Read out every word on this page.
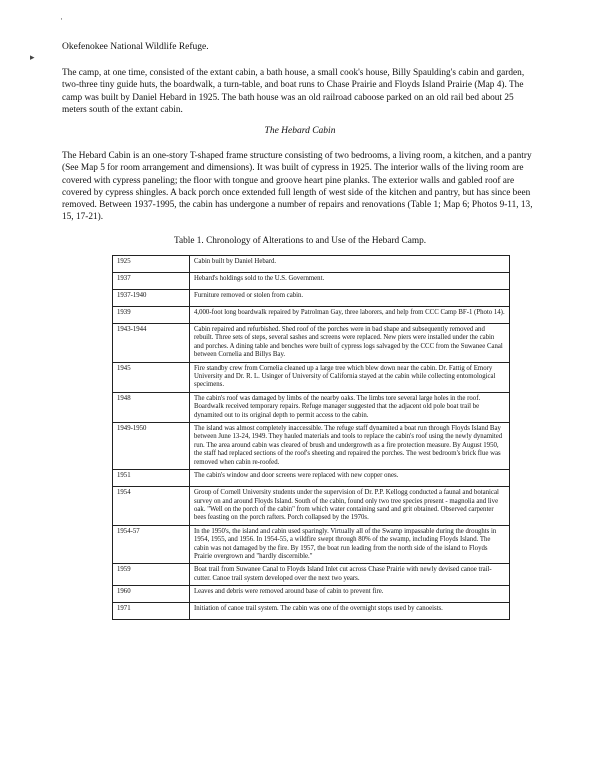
·
▸
Okefenokee National Wildlife Refuge.
The camp, at one time, consisted of the extant cabin, a bath house, a small cook's house, Billy Spaulding's cabin and garden, two-three tiny guide huts, the boardwalk, a turn-table, and boat runs to Chase Prairie and Floyds Island Prairie (Map 4). The camp was built by Daniel Hebard in 1925. The bath house was an old railroad caboose parked on an old rail bed about 25 meters south of the extant cabin.
The Hebard Cabin
The Hebard Cabin is an one-story T-shaped frame structure consisting of two bedrooms, a living room, a kitchen, and a pantry (See Map 5 for room arrangement and dimensions). It was built of cypress in 1925. The interior walls of the living room are covered with cypress paneling; the floor with tongue and groove heart pine planks. The exterior walls and gabled roof are covered by cypress shingles. A back porch once extended full length of west side of the kitchen and pantry, but has since been removed. Between 1937-1995, the cabin has undergone a number of repairs and renovations (Table 1; Map 6; Photos 9-11, 13, 15, 17-21).
Table 1. Chronology of Alterations to and Use of the Hebard Camp.
1925	Cabin built by Daniel Hebard.
1937	Hebard's holdings sold to the U.S. Government.
1937-1940	Furniture removed or stolen from cabin.
1939	4,000-foot long boardwalk repaired by Patrolman Gay, three laborers, and help from CCC Camp BF-1 (Photo 14).
1943-1944	Cabin repaired and refurbished. Shed roof of the porches were in bad shape and subsequently removed and rebuilt. Three sets of steps, several sashes and screens were replaced. New piers were installed under the cabin and porches. A dining table and benches were built of cypress logs salvaged by the CCC from the Suwanee Canal between Cornelia and Billys Bay.
1945	Fire standby crew from Cornelia cleaned up a large tree which blew down near the cabin. Dr. Fattig of Emory University and Dr. R. L. Usinger of University of California stayed at the cabin while collecting entomological specimens.
1948	The cabin's roof was damaged by limbs of the nearby oaks. The limbs tore several large holes in the roof. Boardwalk received temporary repairs. Refuge manager suggested that the adjacent old pole boat trail be dynamited out to its original depth to permit access to the cabin.
1949-1950	The island was almost completely inaccessible. The refuge staff dynamited a boat run through Floyds Island Bay between June 13-24, 1949. They hauled materials and tools to replace the cabin's roof using the newly dynamited run. The area around cabin was cleared of brush and undergrowth as a fire protection measure. By August 1950, the staff had replaced sections of the roof's sheeting and repaired the porches. The west bedroom's brick flue was removed when cabin re-roofed.
1951	The cabin's window and door screens were replaced with new copper ones.
1954	Group of Cornell University students under the supervision of Dr. P.P. Kellogg conducted a faunal and botanical survey on and around Floyds Island. South of the cabin, found only two tree species present - magnolia and live oak. "Well on the porch of the cabin" from which water containing sand and grit obtained. Observed carpenter bees feasting on the porch rafters. Porch collapsed by the 1970s.
1954-57	In the 1950's, the island and cabin used sparingly. Virtually all of the Swamp impassable during the droughts in 1954, 1955, and 1956. In 1954-55, a wildfire swept through 80% of the swamp, including Floyds Island. The cabin was not damaged by the fire. By 1957, the boat run leading from the north side of the island to Floyds Prairie overgrown and "hardly discernible."
1959	Boat trail from Suwanee Canal to Floyds Island Inlet cut across Chase Prairie with newly devised canoe trail-cutter. Canoe trail system developed over the next two years.
1960	Leaves and debris were removed around base of cabin to prevent fire.
1971	Initiation of canoe trail system. The cabin was one of the overnight stops used by canoeists.
